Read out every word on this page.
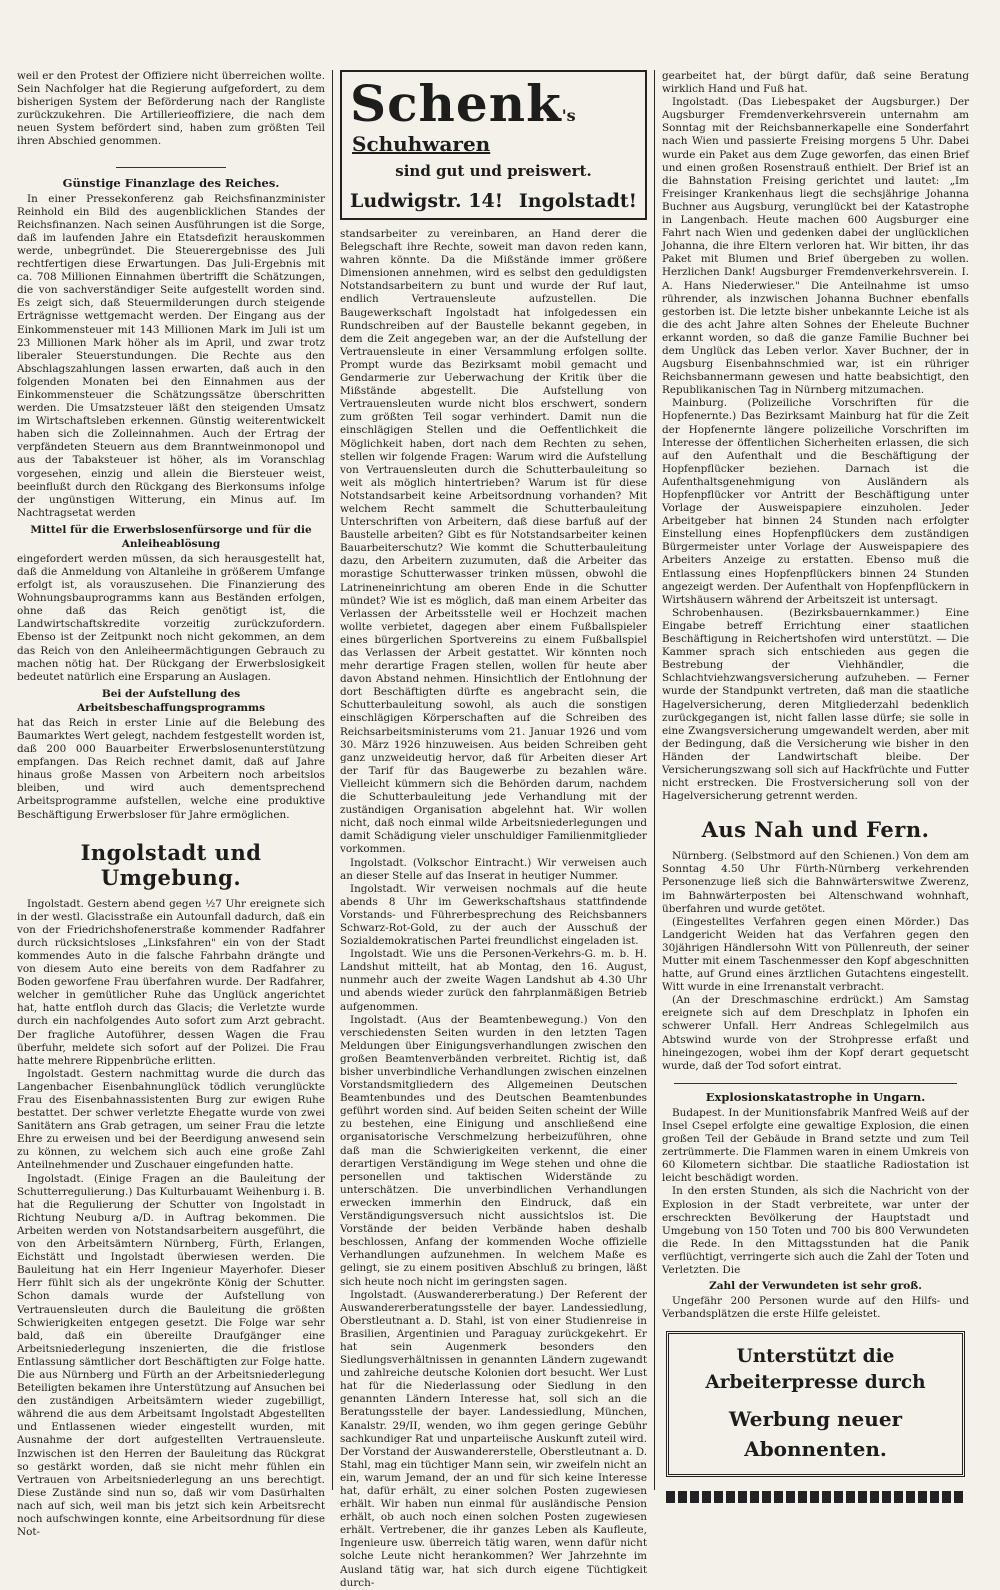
weil er den Protest der Offiziere nicht überreichen wollte. Sein Nachfolger hat die Regierung aufgefordert, zu dem bisherigen System der Beförderung nach der Rangliste zurückzukehren. Die Artillerieoffiziere, die nach dem neuen System befördert sind, haben zum größten Teil ihren Abschied genommen.

Günstige Finanzlage des Reiches.

In einer Pressekonferenz gab Reichsfinanzminister Reinhold ein Bild des augenblicklichen Standes der Reichsfinanzen. Nach seinen Ausführungen ist die Sorge, daß im laufenden Jahre ein Etatsdefizit herauskommen werde, unbegründet. Die Steuerergebnisse des Juli rechtfertigen diese Erwartungen. Das Juli-Ergebnis mit ca. 708 Millionen Einnahmen übertrifft die Schätzungen, die von sachverständiger Seite aufgestellt worden sind. Es zeigt sich, daß Steuermilderungen durch steigende Erträgnisse wettgemacht werden. Der Eingang aus der Einkommensteuer mit 143 Millionen Mark im Juli ist um 23 Millionen Mark höher als im April, und zwar trotz liberaler Steuerstundungen. Die Rechte aus den Abschlagszahlungen lassen erwarten, daß auch in den folgenden Monaten bei den Einnahmen aus der Einkommensteuer die Schätzungssätze überschritten werden. Die Umsatzsteuer läßt den steigenden Umsatz im Wirtschaftsleben erkennen. Günstig weiterentwickelt haben sich die Zolleinnahmen. Auch der Ertrag der verpfändeten Steuern aus dem Branntweinmonopol und aus der Tabaksteuer ist höher, als im Voranschlag vorgesehen, einzig und allein die Biersteuer weist, beeinflußt durch den Rückgang des Bierkonsums infolge der ungünstigen Witterung, ein Minus auf. Im Nachtragsetat werden

Mittel für die Erwerbslosenfürsorge und für die Anleiheablösung

eingefordert werden müssen, da sich herausgestellt hat, daß die Anmeldung von Altanleihe in größerem Umfange erfolgt ist, als vorauszusehen. Die Finanzierung des Wohnungsbauprogramms kann aus Beständen erfolgen, ohne daß das Reich genötigt ist, die Landwirtschaftskredite vorzeitig zurückzufordern. Ebenso ist der Zeitpunkt noch nicht gekommen, an dem das Reich von den Anleiheermächtigungen Gebrauch zu machen nötig hat. Der Rückgang der Erwerbslosigkeit bedeutet natürlich eine Ersparung an Auslagen.

Bei der Aufstellung des Arbeitsbeschaffungsprogramms

hat das Reich in erster Linie auf die Belebung des Baumarktes Wert gelegt, nachdem festgestellt worden ist, daß 200 000 Bauarbeiter Erwerbslosenunterstützung empfangen. Das Reich rechnet damit, daß auf Jahre hinaus große Massen von Arbeitern noch arbeitslos bleiben, und wird auch dementsprechend Arbeitsprogramme aufstellen, welche eine produktive Beschäftigung Erwerbsloser für Jahre ermöglichen.

Ingolstadt und Umgebung.

Ingolstadt. Gestern abend gegen ½7 Uhr ereignete sich in der westl. Glacisstraße ein Autounfall dadurch, daß ein von der Friedrichshofenerstraße kommender Radfahrer durch rücksichtsloses „Linksfahren" ein von der Stadt kommendes Auto in die falsche Fahrbahn drängte und von diesem Auto eine bereits von dem Radfahrer zu Boden geworfene Frau überfahren wurde. Der Radfahrer, welcher in gemütlicher Ruhe das Unglück angerichtet hat, hatte entfloh durch das Glacis; die Verletzte wurde durch ein nachfolgendes Auto sofort zum Arzt gebracht. Der fragliche Autoführer, dessen Wagen die Frau überfuhr, meldete sich sofort auf der Polizei. Die Frau hatte mehrere Rippenbrüche erlitten.

Ingolstadt. Gestern nachmittag wurde die durch das Langenbacher Eisenbahnunglück tödlich verunglückte Frau des Eisenbahnassistenten Burg zur ewigen Ruhe bestattet. Der schwer verletzte Ehegatte wurde von zwei Sanitätern ans Grab getragen, um seiner Frau die letzte Ehre zu erweisen und bei der Beerdigung anwesend sein zu können, zu welchem sich auch eine große Zahl Anteilnehmender und Zuschauer eingefunden hatte.

Ingolstadt. (Einige Fragen an die Bauleitung der Schutterregulierung.) Das Kulturbauamt Weihenburg i. B. hat die Regulierung der Schutter von Ingolstadt in Richtung Neuburg a/D. in Auftrag bekommen. Die Arbeiten werden von Notstandsarbeitern ausgeführt, die von den Arbeitsämtern Nürnberg, Fürth, Erlangen, Eichstätt und Ingolstadt überwiesen werden. Die Bauleitung hat ein Herr Ingenieur Mayerhofer. Dieser Herr fühlt sich als der ungekrönte König der Schutter. Schon damals wurde der Aufstellung von Vertrauensleuten durch die Bauleitung die größten Schwierigkeiten entgegen gesetzt. Die Folge war sehr bald, daß ein übereilte Draufgänger eine Arbeitsniederlegung inszenierten, die die fristlose Entlassung sämtlicher dort Beschäftigten zur Folge hatte. Die aus Nürnberg und Fürth an der Arbeitsniederlegung Beteiligten bekamen ihre Unterstützung auf Ansuchen bei den zuständigen Arbeitsämtern wieder zugebilligt, während die aus dem Arbeitsamt Ingolstadt Abgestellten und Entlassenen wieder eingestellt wurden, mit Ausnahme der dort aufgestellten Vertrauensleute. Inzwischen ist den Herren der Bauleitung das Rückgrat so gestärkt worden, daß sie nicht mehr fühlen ein Vertrauen von Arbeitsniederlegung an uns berechtigt. Diese Zustände sind nun so, daß wir vom Dasürhalten nach auf sich, weil man bis jetzt sich kein Arbeitsrecht noch aufschwingen konnte, eine Arbeitsordnung für diese Not-

Schenk's Schuhwaren
sind gut und preiswert.
Ludwigstr. 14! Ingolstadt!

standsarbeiter zu vereinbaren, an Hand derer die Belegschaft ihre Rechte, soweit man davon reden kann, wahren könnte. Da die Mißstände immer größere Dimensionen annehmen, wird es selbst den geduldigsten Notstandsarbeitern zu bunt und wurde der Ruf laut, endlich Vertrauensleute aufzustellen. Die Baugewerkschaft Ingolstadt hat infolgedessen ein Rundschreiben auf der Baustelle bekannt gegeben, in dem die Zeit angegeben war, an der die Aufstellung der Vertrauensleute in einer Versammlung erfolgen sollte. Prompt wurde das Bezirksamt mobil gemacht und Gendarmerie zur Ueberwachung der Kritik über die Mißstände abgestellt. Die Aufstellung von Vertrauensleuten wurde nicht blos erschwert, sondern zum größten Teil sogar verhindert. Damit nun die einschlägigen Stellen und die Oeffentlichkeit die Möglichkeit haben, dort nach dem Rechten zu sehen, stellen wir folgende Fragen: Warum wird die Aufstellung von Vertrauensleuten durch die Schutterbauleitung so weit als möglich hintertrieben? Warum ist für diese Notstandsarbeit keine Arbeitsordnung vorhanden? Mit welchem Recht sammelt die Schutterbauleitung Unterschriften von Arbeitern, daß diese barfuß auf der Baustelle arbeiten? Gibt es für Notstandsarbeiter keinen Bauarbeiterschutz? Wie kommt die Schutterbauleitung dazu, den Arbeitern zuzumuten, daß die Arbeiter das morastige Schutterwasser trinken müssen, obwohl die Latrineneinrichtung am oberen Ende in die Schutter mündet? Wie ist es möglich, daß man einem Arbeiter das Verlassen der Arbeitsstelle weil er Hochzeit machen wollte verbietet, dagegen aber einem Fußballspieler eines bürgerlichen Sportvereins zu einem Fußballspiel das Verlassen der Arbeit gestattet. Wir könnten noch mehr derartige Fragen stellen, wollen für heute aber davon Abstand nehmen. Hinsichtlich der Entlohnung der dort Beschäftigten dürfte es angebracht sein, die Schutterbauleitung sowohl, als auch die sonstigen einschlägigen Körperschaften auf die Schreiben des Reichsarbeitsministerums vom 21. Januar 1926 und vom 30. März 1926 hinzuweisen. Aus beiden Schreiben geht ganz unzweideutig hervor, daß für Arbeiten dieser Art der Tarif für das Baugewerbe zu bezahlen wäre. Vielleicht kümmern sich die Behörden darum, nachdem die Schutterbauleitung jede Verhandlung mit der zuständigen Organisation abgelehnt hat. Wir wollen nicht, daß noch einmal wilde Arbeitsniederlegungen und damit Schädigung vieler unschuldiger Familienmitglieder vorkommen.

Ingolstadt. (Volkschor Eintracht.) Wir verweisen auch an dieser Stelle auf das Inserat in heutiger Nummer.

Ingolstadt. Wir verweisen nochmals auf die heute abends 8 Uhr im Gewerkschaftshaus stattfindende Vorstands- und Führerbesprechung des Reichsbanners Schwarz-Rot-Gold, zu der auch der Ausschuß der Sozialdemokratischen Partei freundlichst eingeladen ist.

Ingolstadt. Wie uns die Personen-Verkehrs-G. m. b. H. Landshut mitteilt, hat ab Montag, den 16. August, nunmehr auch der zweite Wagen Landshut ab 4.30 Uhr und abends wieder zurück den fahrplanmäßigen Betrieb aufgenommen.

Ingolstadt. (Aus der Beamtenbewegung.) Von den verschiedensten Seiten wurden in den letzten Tagen Meldungen über Einigungsverhandlungen zwischen den großen Beamtenverbänden verbreitet. Richtig ist, daß bisher unverbindliche Verhandlungen zwischen einzelnen Vorstandsmitgliedern des Allgemeinen Deutschen Beamtenbundes und des Deutschen Beamtenbundes geführt worden sind. Auf beiden Seiten scheint der Wille zu bestehen, eine Einigung und anschließend eine organisatorische Verschmelzung herbeizuführen, ohne daß man die Schwierigkeiten verkennt, die einer derartigen Verständigung im Wege stehen und ohne die personellen und taktischen Widerstände zu unterschätzen. Die unverbindlichen Verhandlungen erwecken immerhin den Eindruck, daß ein Verständigungsversuch nicht aussichtslos ist. Die Vorstände der beiden Verbände haben deshalb beschlossen, Anfang der kommenden Woche offizielle Verhandlungen aufzunehmen. In welchem Maße es gelingt, sie zu einem positiven Abschluß zu bringen, läßt sich heute noch nicht im geringsten sagen.

Ingolstadt. (Auswandererberatung.) Der Referent der Auswandererberatungsstelle der bayer. Landessiedlung, Oberstleutnant a. D. Stahl, ist von einer Studienreise in Brasilien, Argentinien und Paraguay zurückgekehrt. Er hat sein Augenmerk besonders den Siedlungsverhältnissen in genannten Ländern zugewandt und zahlreiche deutsche Kolonien dort besucht. Wer Lust hat für die Niederlassung oder Siedlung in den genannten Ländern Interesse hat, soll sich an die Beratungsstelle der bayer. Landessiedlung, München, Kanalstr. 29/II, wenden, wo ihm gegen geringe Gebühr sachkundiger Rat und unparteiische Auskunft zuteil wird. Der Vorstand der Auswandererstelle, Oberstleutnant a. D. Stahl, mag ein tüchtiger Mann sein, wir zweifeln nicht an ein, warum Jemand, der an und für sich keine Interesse hat, dafür erhält, zu einer solchen Posten zugewiesen erhält. Wir haben nun einmal für ausländische Pension erhält, ob auch noch einen solchen Posten zugewiesen erhält. Vertrebener, die ihr ganzes Leben als Kaufleute, Ingenieure usw. überreich tätig waren, wenn dafür nicht solche Leute nicht herankommen? Wer Jahrzehnte im Ausland tätig war, hat sich durch eigene Tüchtigkeit durch-

gearbeitet hat, der bürgt dafür, daß seine Beratung wirklich Hand und Fuß hat.

Ingolstadt. (Das Liebespaket der Augsburger.) Der Augsburger Fremdenverkehrsverein unternahm am Sonntag mit der Reichsbannerkapelle eine Sonderfahrt nach Wien und passierte Freising morgens 5 Uhr. Dabei wurde ein Paket aus dem Zuge geworfen, das einen Brief und einen großen Rosenstrauß enthielt. Der Brief ist an die Bahnstation Freising gerichtet und lautet: „Im Freisinger Krankenhaus liegt die sechsjährige Johanna Buchner aus Augsburg, verunglückt bei der Katastrophe in Langenbach. Heute machen 600 Augsburger eine Fahrt nach Wien und gedenken dabei der unglücklichen Johanna, die ihre Eltern verloren hat. Wir bitten, ihr das Paket mit Blumen und Brief übergeben zu wollen. Herzlichen Dank! Augsburger Fremdenverkehrsverein. I. A. Hans Niederwieser." Die Anteilnahme ist umso rührender, als inzwischen Johanna Buchner ebenfalls gestorben ist. Die letzte bisher unbekannte Leiche ist als die des acht Jahre alten Sohnes der Eheleute Buchner erkannt worden, so daß die ganze Familie Buchner bei dem Unglück das Leben verlor. Xaver Buchner, der in Augsburg Eisenbahnschmied war, ist ein rühriger Reichsbannermann gewesen und hatte beabsichtigt, den Republikanischen Tag in Nürnberg mitzumachen.

Mainburg. (Polizeiliche Vorschriften für die Hopfenernte.) Das Bezirksamt Mainburg hat für die Zeit der Hopfenernte längere polizeiliche Vorschriften im Interesse der öffentlichen Sicherheiten erlassen, die sich auf den Aufenthalt und die Beschäftigung der Hopfenpflücker beziehen. Darnach ist die Aufenthaltsgenehmigung von Ausländern als Hopfenpflücker vor Antritt der Beschäftigung unter Vorlage der Ausweispapiere einzuholen. Jeder Arbeitgeber hat binnen 24 Stunden nach erfolgter Einstellung eines Hopfenpflückers dem zuständigen Bürgermeister unter Vorlage der Ausweispapiere des Arbeiters Anzeige zu erstatten. Ebenso muß die Entlassung eines Hopfenpflückers binnen 24 Stunden angezeigt werden. Der Aufenthalt von Hopfenpflückern in Wirtshäusern während der Arbeitszeit ist untersagt.

Schrobenhausen. (Bezirksbauernkammer.) Eine Eingabe betreff Errichtung einer staatlichen Beschäftigung in Reichertshofen wird unterstützt. — Die Kammer sprach sich entschieden aus gegen die Bestrebung der Viehhändler, die Schlachtviehzwangsversicherung aufzuheben. — Ferner wurde der Standpunkt vertreten, daß man die staatliche Hagelversicherung, deren Mitgliederzahl bedenklich zurückgegangen ist, nicht fallen lasse dürfe; sie solle in eine Zwangsversicherung umgewandelt werden, aber mit der Bedingung, daß die Versicherung wie bisher in den Händen der Landwirtschaft bleibe. Der Versicherungszwang soll sich auf Hackfrüchte und Futter nicht erstrecken. Die Frostversicherung soll von der Hagelversicherung getrennt werden.

Aus Nah und Fern.

Nürnberg. (Selbstmord auf den Schienen.) Von dem am Sonntag 4.50 Uhr Fürth-Nürnberg verkehrenden Personenzuge ließ sich die Bahnwärterswitwe Zwerenz, im Bahnwärterposten bei Altenschwand wohnhaft, überfahren und wurde getötet.

(Eingestelltes Verfahren gegen einen Mörder.) Das Landgericht Weiden hat das Verfahren gegen den 30jährigen Händlersohn Witt von Püllenreuth, der seiner Mutter mit einem Taschenmesser den Kopf abgeschnitten hatte, auf Grund eines ärztlichen Gutachtens eingestellt. Witt wurde in eine Irrenanstalt verbracht.

(An der Dreschmaschine erdrückt.) Am Samstag ereignete sich auf dem Dreschplatz in Iphofen ein schwerer Unfall. Herr Andreas Schlegelmilch aus Abtswind wurde von der Strohpresse erfaßt und hineingezogen, wobei ihm der Kopf derart gequetscht wurde, daß der Tod sofort eintrat.

Explosionskatastrophe in Ungarn.

Budapest. In der Munitionsfabrik Manfred Weiß auf der Insel Csepel erfolgte eine gewaltige Explosion, die einen großen Teil der Gebäude in Brand setzte und zum Teil zertrümmerte. Die Flammen waren in einem Umkreis von 60 Kilometern sichtbar. Die staatliche Radiostation ist leicht beschädigt worden.

In den ersten Stunden, als sich die Nachricht von der Explosion in der Stadt verbreitete, war unter der erschreckten Bevölkerung der Hauptstadt und Umgebung von 150 Toten und 700 bis 800 Verwundeten die Rede. In den Mittagsstunden hat die Panik verflüchtigt, verringerte sich auch die Zahl der Toten und Verletzten. Die

Zahl der Verwundeten ist sehr groß.

Ungefähr 200 Personen wurde auf den Hilfs- und Verbandsplätzen die erste Hilfe geleistet.

Unterstützt die Arbeiterpresse durch
Werbung neuer Abonnenten.
